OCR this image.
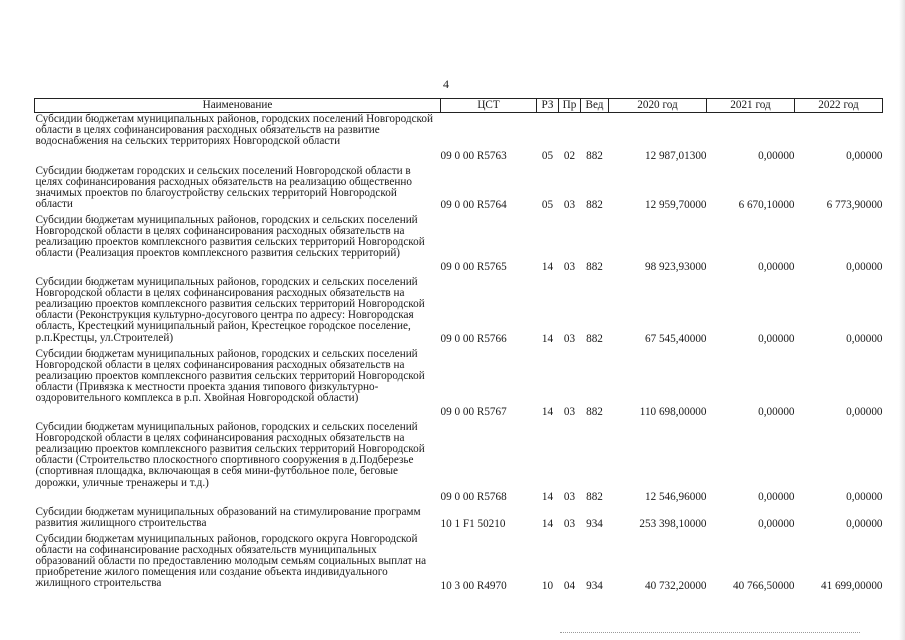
4
Наименование	ЦСТ	РЗ	Пр	Вед	2020 год	2021 год	2022 год
Субсидии бюджетам муниципальных районов, городских поселений Новгородской области в целях софинансирования расходных обязательств на развитие водоснабжения на сельских территориях Новгородской области	09 0 00 R5763	05	02	882	12 987,01300	0,00000	0,00000
Субсидии бюджетам городских и сельских поселений Новгородской области в целях софинансирования расходных обязательств на реализацию общественно значимых проектов по благоустройству сельских территорий Новгородской области	09 0 00 R5764	05	03	882	12 959,70000	6 670,10000	6 773,90000
Субсидии бюджетам муниципальных районов, городских и сельских поселений Новгородской области в целях софинансирования расходных обязательств на реализацию проектов комплексного развития сельских территорий Новгородской области (Реализация проектов комплексного развития сельских территорий)	09 0 00 R5765	14	03	882	98 923,93000	0,00000	0,00000
Субсидии бюджетам муниципальных районов, городских и сельских поселений Новгородской области в целях софинансирования расходных обязательств на реализацию проектов комплексного развития сельских территорий Новгородской области (Реконструкция культурно-досугового центра по адресу: Новгородская область, Крестецкий муниципальный район, Крестецкое городское поселение, р.п.Крестцы, ул.Строителей)	09 0 00 R5766	14	03	882	67 545,40000	0,00000	0,00000
Субсидии бюджетам муниципальных районов, городских и сельских поселений Новгородской области в целях софинансирования расходных обязательств на реализацию проектов комплексного развития сельских территорий Новгородской области (Привязка к местности проекта здания типового физкультурно-оздоровительного комплекса в р.п. Хвойная Новгородской области)	09 0 00 R5767	14	03	882	110 698,00000	0,00000	0,00000
Субсидии бюджетам муниципальных районов, городских и сельских поселений Новгородской области в целях софинансирования расходных обязательств на реализацию проектов комплексного развития сельских территорий Новгородской области (Строительство плоскостного спортивного сооружения в д.Подберезье (спортивная площадка, включающая в себя мини-футбольное поле, беговые дорожки, уличные тренажеры и т.д.)	09 0 00 R5768	14	03	882	12 546,96000	0,00000	0,00000
Субсидии бюджетам муниципальных образований на стимулирование программ развития жилищного строительства	10 1 F1 50210	14	03	934	253 398,10000	0,00000	0,00000
Субсидии бюджетам муниципальных районов, городского округа Новгородской области на софинансирование расходных обязательств муниципальных образований области по предоставлению молодым семьям социальных выплат на приобретение жилого помещения или создание объекта индивидуального жилищного строительства	10 3 00 R4970	10	04	934	40 732,20000	40 766,50000	41 699,00000
